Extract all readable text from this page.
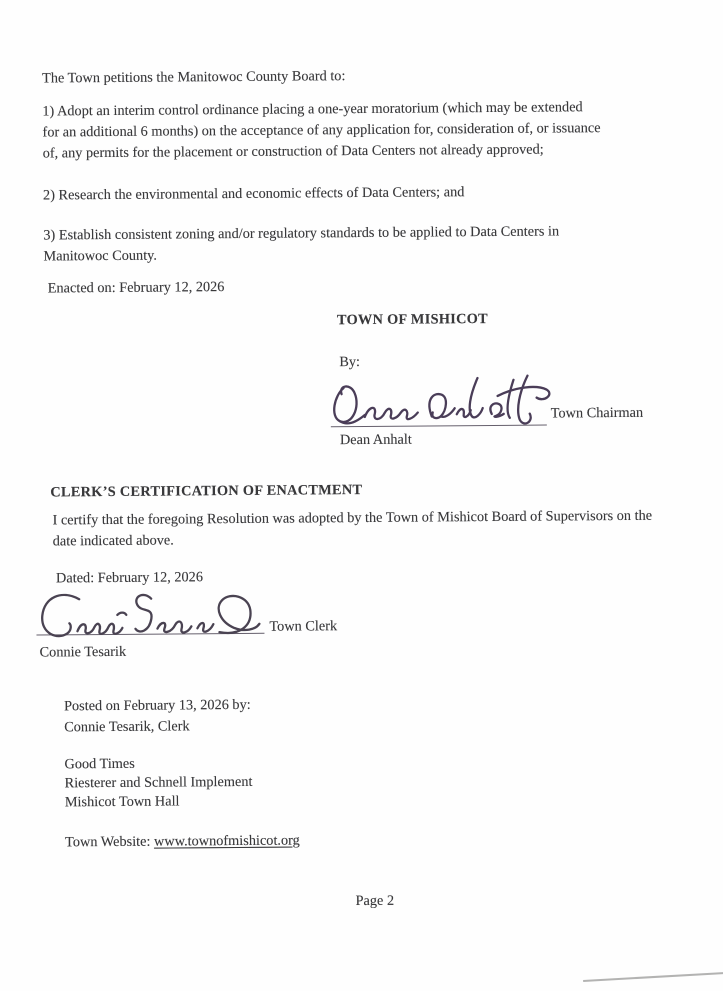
The Town petitions the Manitowoc County Board to:
1) Adopt an interim control ordinance placing a one-year moratorium (which may be extended
for an additional 6 months) on the acceptance of any application for, consideration of, or issuance
of, any permits for the placement or construction of Data Centers not already approved;
2) Research the environmental and economic effects of Data Centers; and
3) Establish consistent zoning and/or regulatory standards to be applied to Data Centers in
Manitowoc County.
Enacted on: February 12, 2026
TOWN OF MISHICOT
By:
Town Chairman
Dean Anhalt
CLERK’S CERTIFICATION OF ENACTMENT
I certify that the foregoing Resolution was adopted by the Town of Mishicot Board of Supervisors on the
date indicated above.
Dated: February 12, 2026
Town Clerk
Connie Tesarik
Posted on February 13, 2026 by:
Connie Tesarik, Clerk
Good Times
Riesterer and Schnell Implement
Mishicot Town Hall

Town Website: www.townofmishicot.org

Page 2
